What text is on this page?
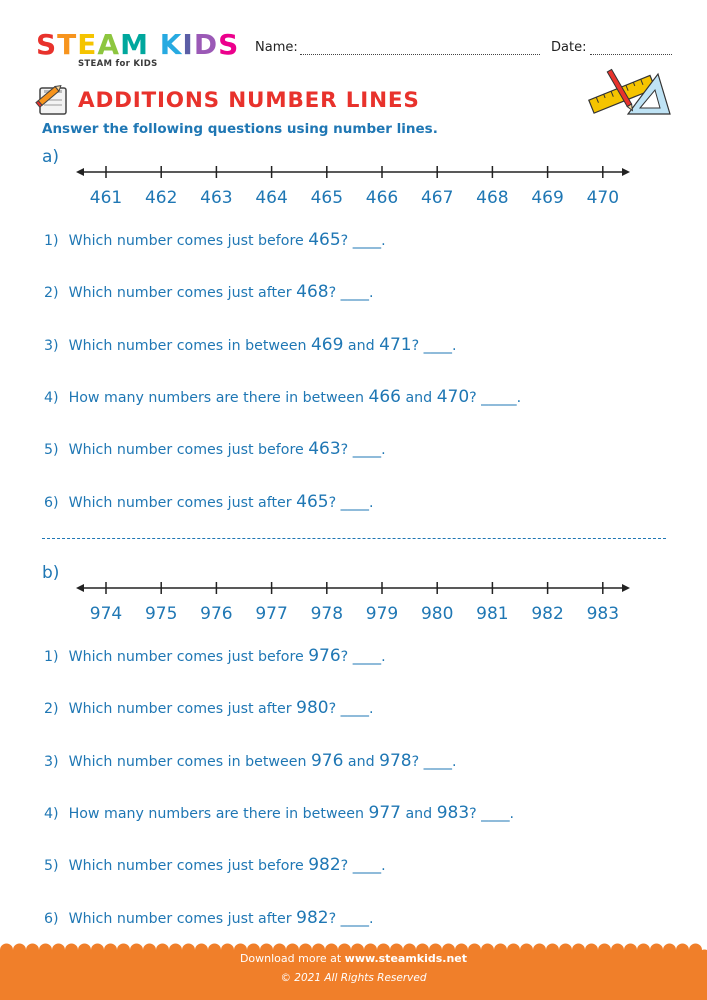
STEAM KIDS
STEAM for KIDS
Name:	Date:
ADDITIONS NUMBER LINES
Answer the following questions using number lines.
a)
461 462 463 464 465 466 467 468 469 470
1) Which number comes just before 465? ____.
2) Which number comes just after 468? ____.
3) Which number comes in between 469 and 471? ____.
4) How many numbers are there in between 466 and 470? _____.
5) Which number comes just before 463? ____.
6) Which number comes just after 465? ____.
b)
974 975 976 977 978 979 980 981 982 983
1) Which number comes just before 976? ____.
2) Which number comes just after 980? ____.
3) Which number comes in between 976 and 978? ____.
4) How many numbers are there in between 977 and 983? ____.
5) Which number comes just before 982? ____.
6) Which number comes just after 982? ____.
Download more at www.steamkids.net
© 2021 All Rights Reserved
